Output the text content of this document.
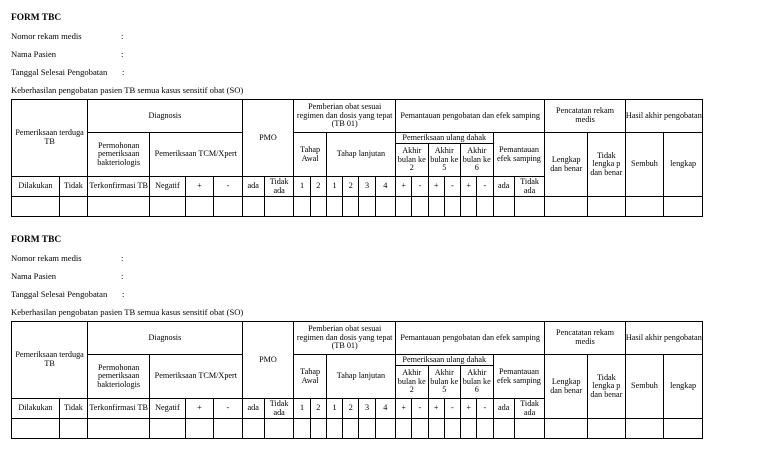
FORM TBC
Nomor rekam medis	:
Nama Pasien	:
Tanggal Selesai Pengobatan :
Keberhasilan pengobatan pasien TB semua kasus sensitif obat (SO)
Pemeriksaan terduga TB		Diagnosis				PMO		Pemberian obat sesuai regimen dan dosis yang tepat (TB 01)						Pemantauan pengobatan dan efek samping								Pencatatan rekam medis		Hasil akhir pengobatan	
		Permohonan pemeriksaan bakteriologis	Pemeriksaan TCM/Xpert					Tahap Awal		Tahap lanjutan				Pemeriksaan ulang dahak						Pemantauan efek samping		Lengkap dan benar	Tidak lengka p dan benar	Sembuh	lengkap
														Akhir bulan ke 2		Akhir bulan ke 5		Akhir bulan ke 6							
Dilakukan	Tidak	Terkonfirmasi TB	Negatif	+	-	ada	Tidak ada	1	2	1	2	3	4	+	-	+	-	+	-	ada	Tidak ada				

FORM TBC
Nomor rekam medis	:
Nama Pasien	:
Tanggal Selesai Pengobatan :
Keberhasilan pengobatan pasien TB semua kasus sensitif obat (SO)
Pemeriksaan terduga TB		Diagnosis				PMO		Pemberian obat sesuai regimen dan dosis yang tepat (TB 01)						Pemantauan pengobatan dan efek samping								Pencatatan rekam medis		Hasil akhir pengobatan	
		Permohonan pemeriksaan bakteriologis	Pemeriksaan TCM/Xpert					Tahap Awal		Tahap lanjutan				Pemeriksaan ulang dahak						Pemantauan efek samping		Lengkap dan benar	Tidak lengka p dan benar	Sembuh	lengkap
														Akhir bulan ke 2		Akhir bulan ke 5		Akhir bulan ke 6							
Dilakukan	Tidak	Terkonfirmasi TB	Negatif	+	-	ada	Tidak ada	1	2	1	2	3	4	+	-	+	-	+	-	ada	Tidak ada				
